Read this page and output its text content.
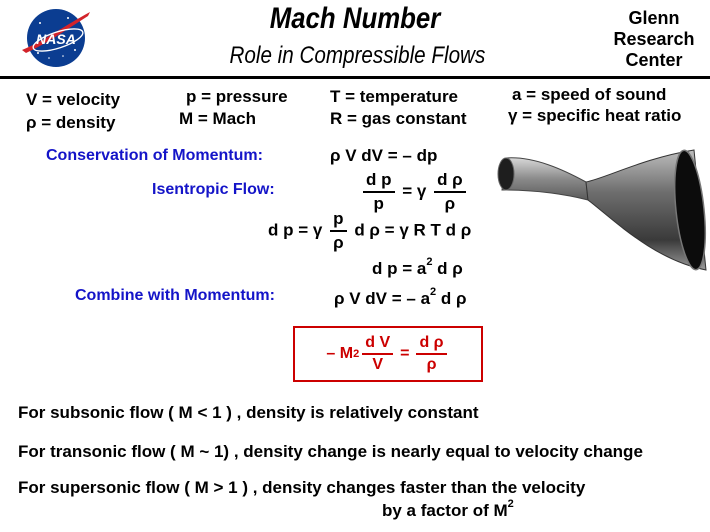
NASA
Mach Number
Role in Compressible Flows
Glenn
Research
Center
V = velocity
ρ = density
p = pressure
M = Mach
T = temperature
R = gas constant
a = speed of sound
γ = specific heat ratio
Conservation of Momentum:	ρ V dV = – dp
Isentropic Flow:	$\frac{\text{d p}}{p} = \gamma \frac{\text{d ρ}}{\rho}$
d p = γ $\frac{p}{\rho}$ d ρ = γ R T d ρ
d $p = a^2$ d ρ
Combine with Momentum:	ρ V dV = – $a^2$ d ρ
– M $2 \frac{\text{d V}}{V} = \frac{\text{d ρ}}{\rho}$
For subsonic flow ( M < 1 ) , density is relatively constant
For transonic flow ( M ~ 1) , density change is nearly equal to velocity change
For supersonic flow ( M > 1 ) , density changes faster than the velocity
by a factor of $M^2$
